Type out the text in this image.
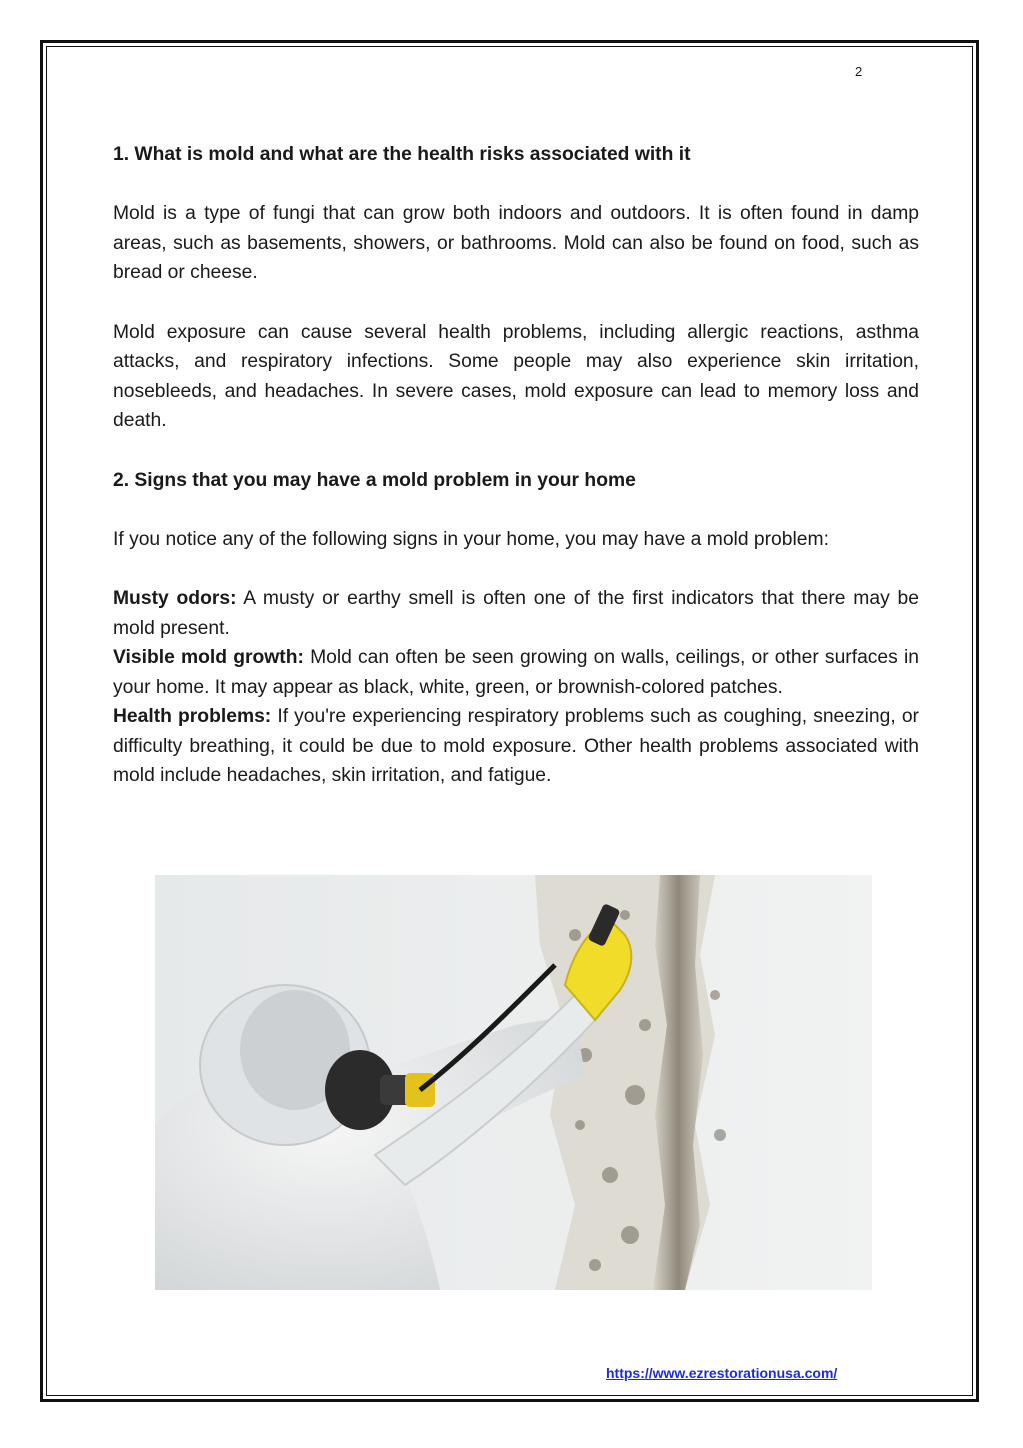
2
1. What is mold and what are the health risks associated with it

Mold is a type of fungi that can grow both indoors and outdoors. It is often found in damp areas, such as basements, showers, or bathrooms. Mold can also be found on food, such as bread or cheese.

Mold exposure can cause several health problems, including allergic reactions, asthma attacks, and respiratory infections. Some people may also experience skin irritation, nosebleeds, and headaches. In severe cases, mold exposure can lead to memory loss and death.

2. Signs that you may have a mold problem in your home

If you notice any of the following signs in your home, you may have a mold problem:

Musty odors: A musty or earthy smell is often one of the first indicators that there may be mold present.

Visible mold growth: Mold can often be seen growing on walls, ceilings, or other surfaces in your home. It may appear as black, white, green, or brownish-colored patches.

Health problems: If you're experiencing respiratory problems such as coughing, sneezing, or difficulty breathing, it could be due to mold exposure. Other health problems associated with mold include headaches, skin irritation, and fatigue.

https://www.ezrestorationusa.com/
